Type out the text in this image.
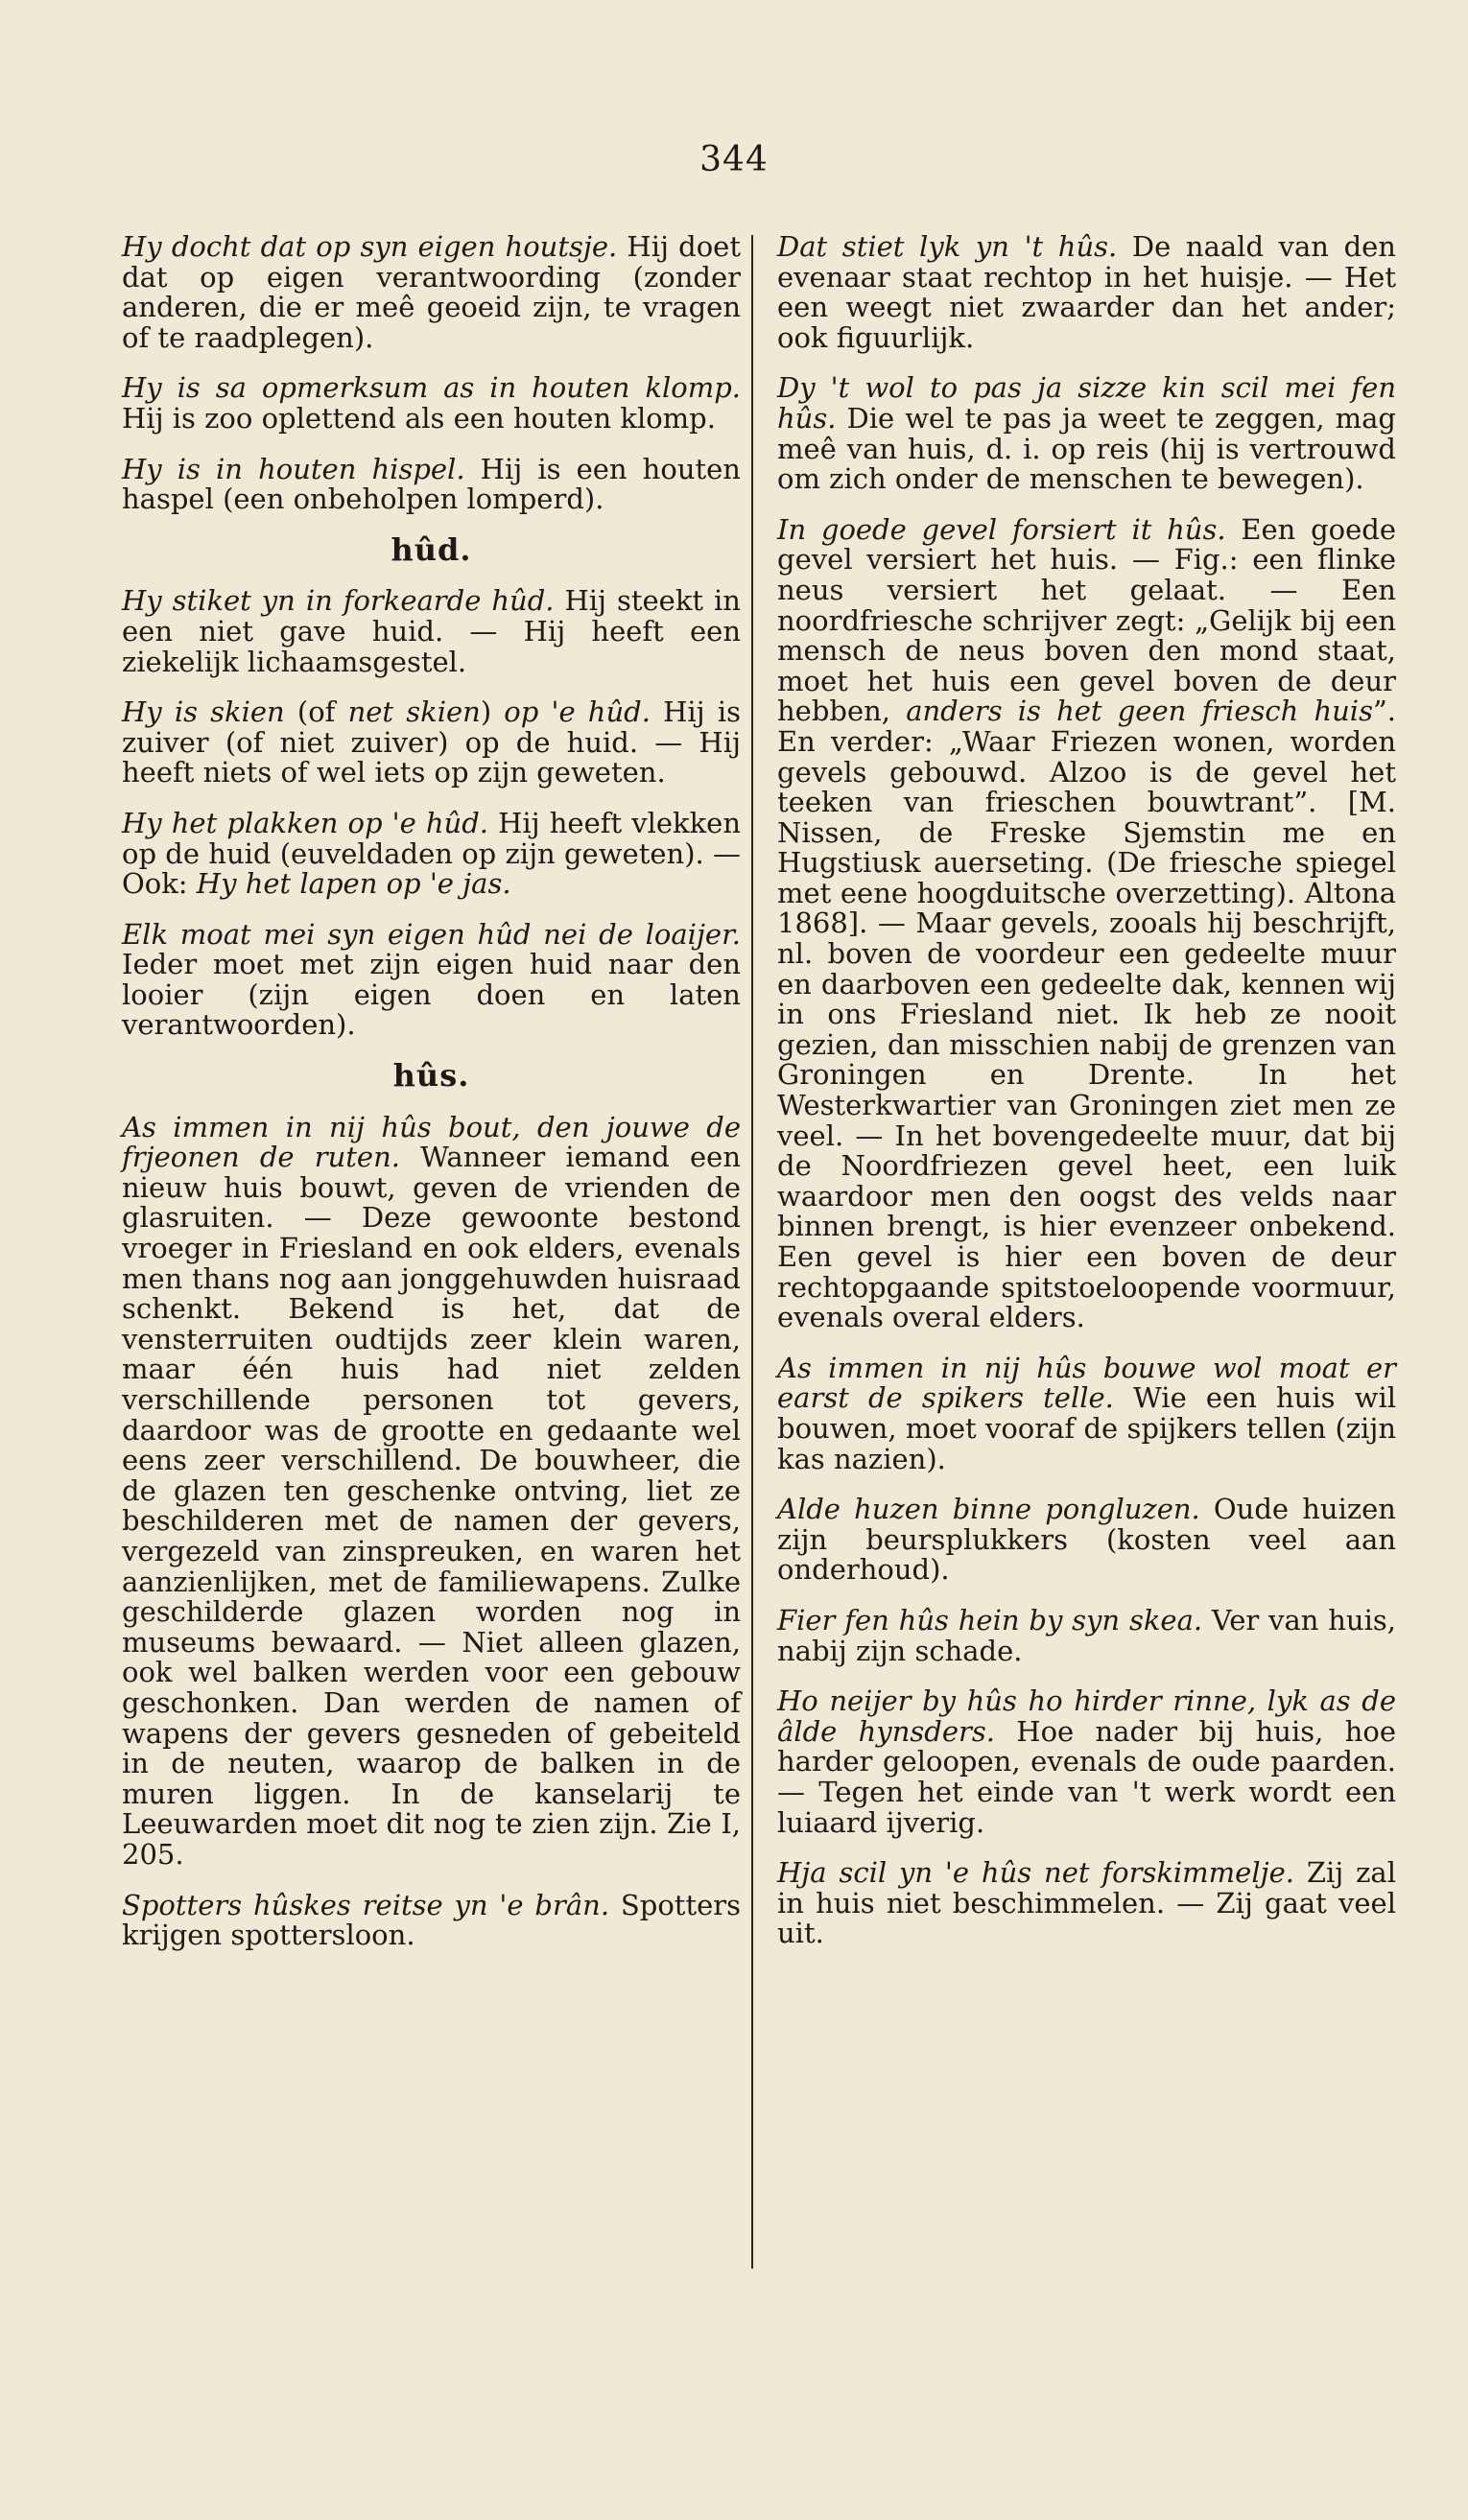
344

Hy docht dat op syn eigen houtsje. Hij doet dat op eigen verantwoording (zonder anderen, die er meê geoeid zijn, te vragen of te raadplegen).

Hy is sa opmerksum as in houten klomp. Hij is zoo oplettend als een houten klomp.

Hy is in houten hispel. Hij is een houten haspel (een onbeholpen lomperd).

hûd.

Hy stiket yn in forkearde hûd. Hij steekt in een niet gave huid. — Hij heeft een ziekelijk lichaamsgestel.

Hy is skien (of net skien) op 'e hûd. Hij is zuiver (of niet zuiver) op de huid. — Hij heeft niets of wel iets op zijn geweten.

Hy het plakken op 'e hûd. Hij heeft vlekken op de huid (euveldaden op zijn geweten). — Ook: Hy het lapen op 'e jas.

Elk moat mei syn eigen hûd nei de loaijer. Ieder moet met zijn eigen huid naar den looier (zijn eigen doen en laten verantwoorden).

hûs.

As immen in nij hûs bout, den jouwe de frjeonen de ruten. Wanneer iemand een nieuw huis bouwt, geven de vrienden de glasruiten. — Deze gewoonte bestond vroeger in Friesland en ook elders, evenals men thans nog aan jonggehuwden huisraad schenkt. Bekend is het, dat de vensterruiten oudtijds zeer klein waren, maar één huis had niet zelden verschillende personen tot gevers, daardoor was de grootte en gedaante wel eens zeer verschillend. De bouwheer, die de glazen ten geschenke ontving, liet ze beschilderen met de namen der gevers, vergezeld van zinspreuken, en waren het aanzienlijken, met de familiewapens. Zulke geschilderde glazen worden nog in museums bewaard. — Niet alleen glazen, ook wel balken werden voor een gebouw geschonken. Dan werden de namen of wapens der gevers gesneden of gebeiteld in de neuten, waarop de balken in de muren liggen. In de kanselarij te Leeuwarden moet dit nog te zien zijn. Zie I, 205.

Spotters hûskes reitse yn 'e brân. Spotters krijgen spottersloon.

Dat stiet lyk yn 't hûs. De naald van den evenaar staat rechtop in het huisje. — Het een weegt niet zwaarder dan het ander; ook figuurlijk.

Dy 't wol to pas ja sizze kin scil mei fen hûs. Die wel te pas ja weet te zeggen, mag meê van huis, d. i. op reis (hij is vertrouwd om zich onder de menschen te bewegen).

In goede gevel forsiert it hûs. Een goede gevel versiert het huis. — Fig.: een flinke neus versiert het gelaat. — Een noordfriesche schrijver zegt: „Gelijk bij een mensch de neus boven den mond staat, moet het huis een gevel boven de deur hebben, anders is het geen friesch huis”. En verder: „Waar Friezen wonen, worden gevels gebouwd. Alzoo is de gevel het teeken van frieschen bouwtrant”. [M. Nissen, de Freske Sjemstin me en Hugstiusk auerseting. (De friesche spiegel met eene hoogduitsche overzetting). Altona 1868]. — Maar gevels, zooals hij beschrijft, nl. boven de voordeur een gedeelte muur en daarboven een gedeelte dak, kennen wij in ons Friesland niet. Ik heb ze nooit gezien, dan misschien nabij de grenzen van Groningen en Drente. In het Westerkwartier van Groningen ziet men ze veel. — In het bovengedeelte muur, dat bij de Noordfriezen gevel heet, een luik waardoor men den oogst des velds naar binnen brengt, is hier evenzeer onbekend. Een gevel is hier een boven de deur rechtopgaande spitstoeloopende voormuur, evenals overal elders.

As immen in nij hûs bouwe wol moat er earst de spikers telle. Wie een huis wil bouwen, moet vooraf de spijkers tellen (zijn kas nazien).

Alde huzen binne pongluzen. Oude huizen zijn beursplukkers (kosten veel aan onderhoud).

Fier fen hûs hein by syn skea. Ver van huis, nabij zijn schade.

Ho neijer by hûs ho hirder rinne, lyk as de âlde hynsders. Hoe nader bij huis, hoe harder geloopen, evenals de oude paarden. — Tegen het einde van 't werk wordt een luiaard ijverig.

Hja scil yn 'e hûs net forskimmelje. Zij zal in huis niet beschimmelen. — Zij gaat veel uit.
